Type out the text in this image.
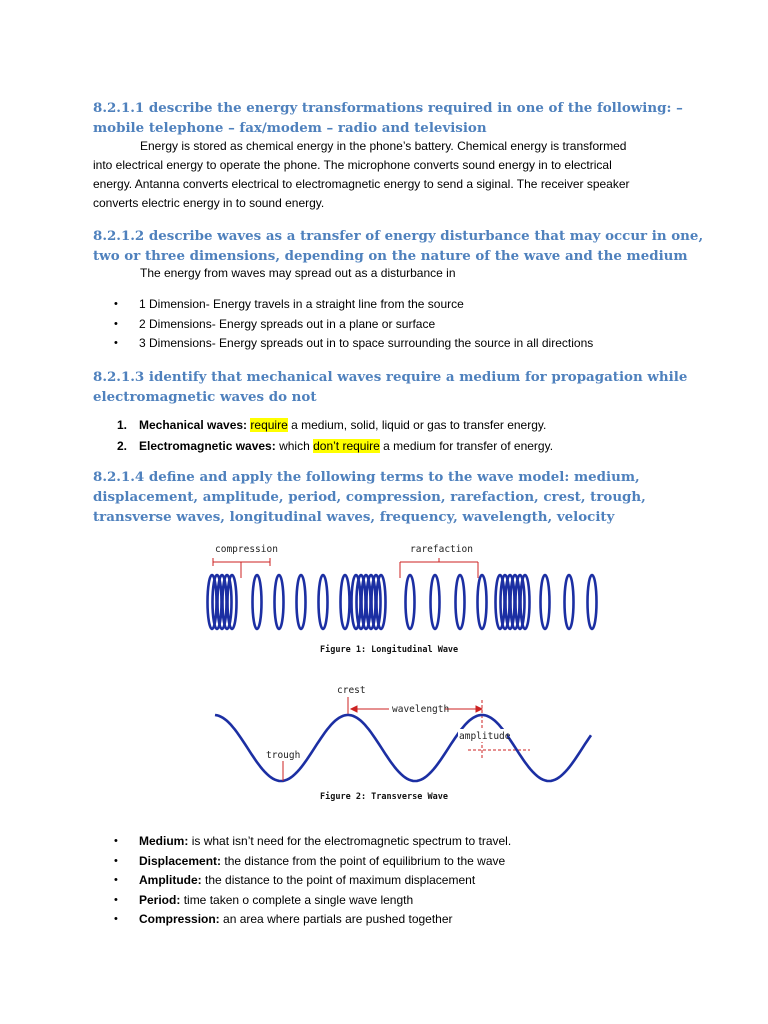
8.2.1.1 describe the energy transformations required in one of the following: –
mobile telephone – fax/modem – radio and television
Energy is stored as chemical energy in the phone’s battery. Chemical energy is transformed
into electrical energy to operate the phone. The microphone converts sound energy in to electrical
energy. Antanna converts electrical to electromagnetic energy to send a siginal. The receiver speaker
converts electric energy in to sound energy.
8.2.1.2 describe waves as a transfer of energy disturbance that may occur in one,
two or three dimensions, depending on the nature of the wave and the medium
The energy from waves may spread out as a disturbance in
• 1 Dimension- Energy travels in a straight line from the source
• 2 Dimensions- Energy spreads out in a plane or surface
• 3 Dimensions- Energy spreads out in to space surrounding the source in all directions
8.2.1.3 identify that mechanical waves require a medium for propagation while
electromagnetic waves do not
1. Mechanical waves: require a medium, solid, liquid or gas to transfer energy.
2. Electromagnetic waves: which don’t require a medium for transfer of energy.
8.2.1.4 define and apply the following terms to the wave model: medium,
displacement, amplitude, period, compression, rarefaction, crest, trough,
transverse waves, longitudinal waves, frequency, wavelength, velocity
compression	rarefaction
Figure 1: Longitudinal Wave
crest
wavelength
amplitude
trough
Figure 2: Transverse Wave
• Medium: is what isn’t need for the electromagnetic spectrum to travel.
• Displacement: the distance from the point of equilibrium to the wave
• Amplitude: the distance to the point of maximum displacement
• Period: time taken o complete a single wave length
• Compression: an area where partials are pushed together
